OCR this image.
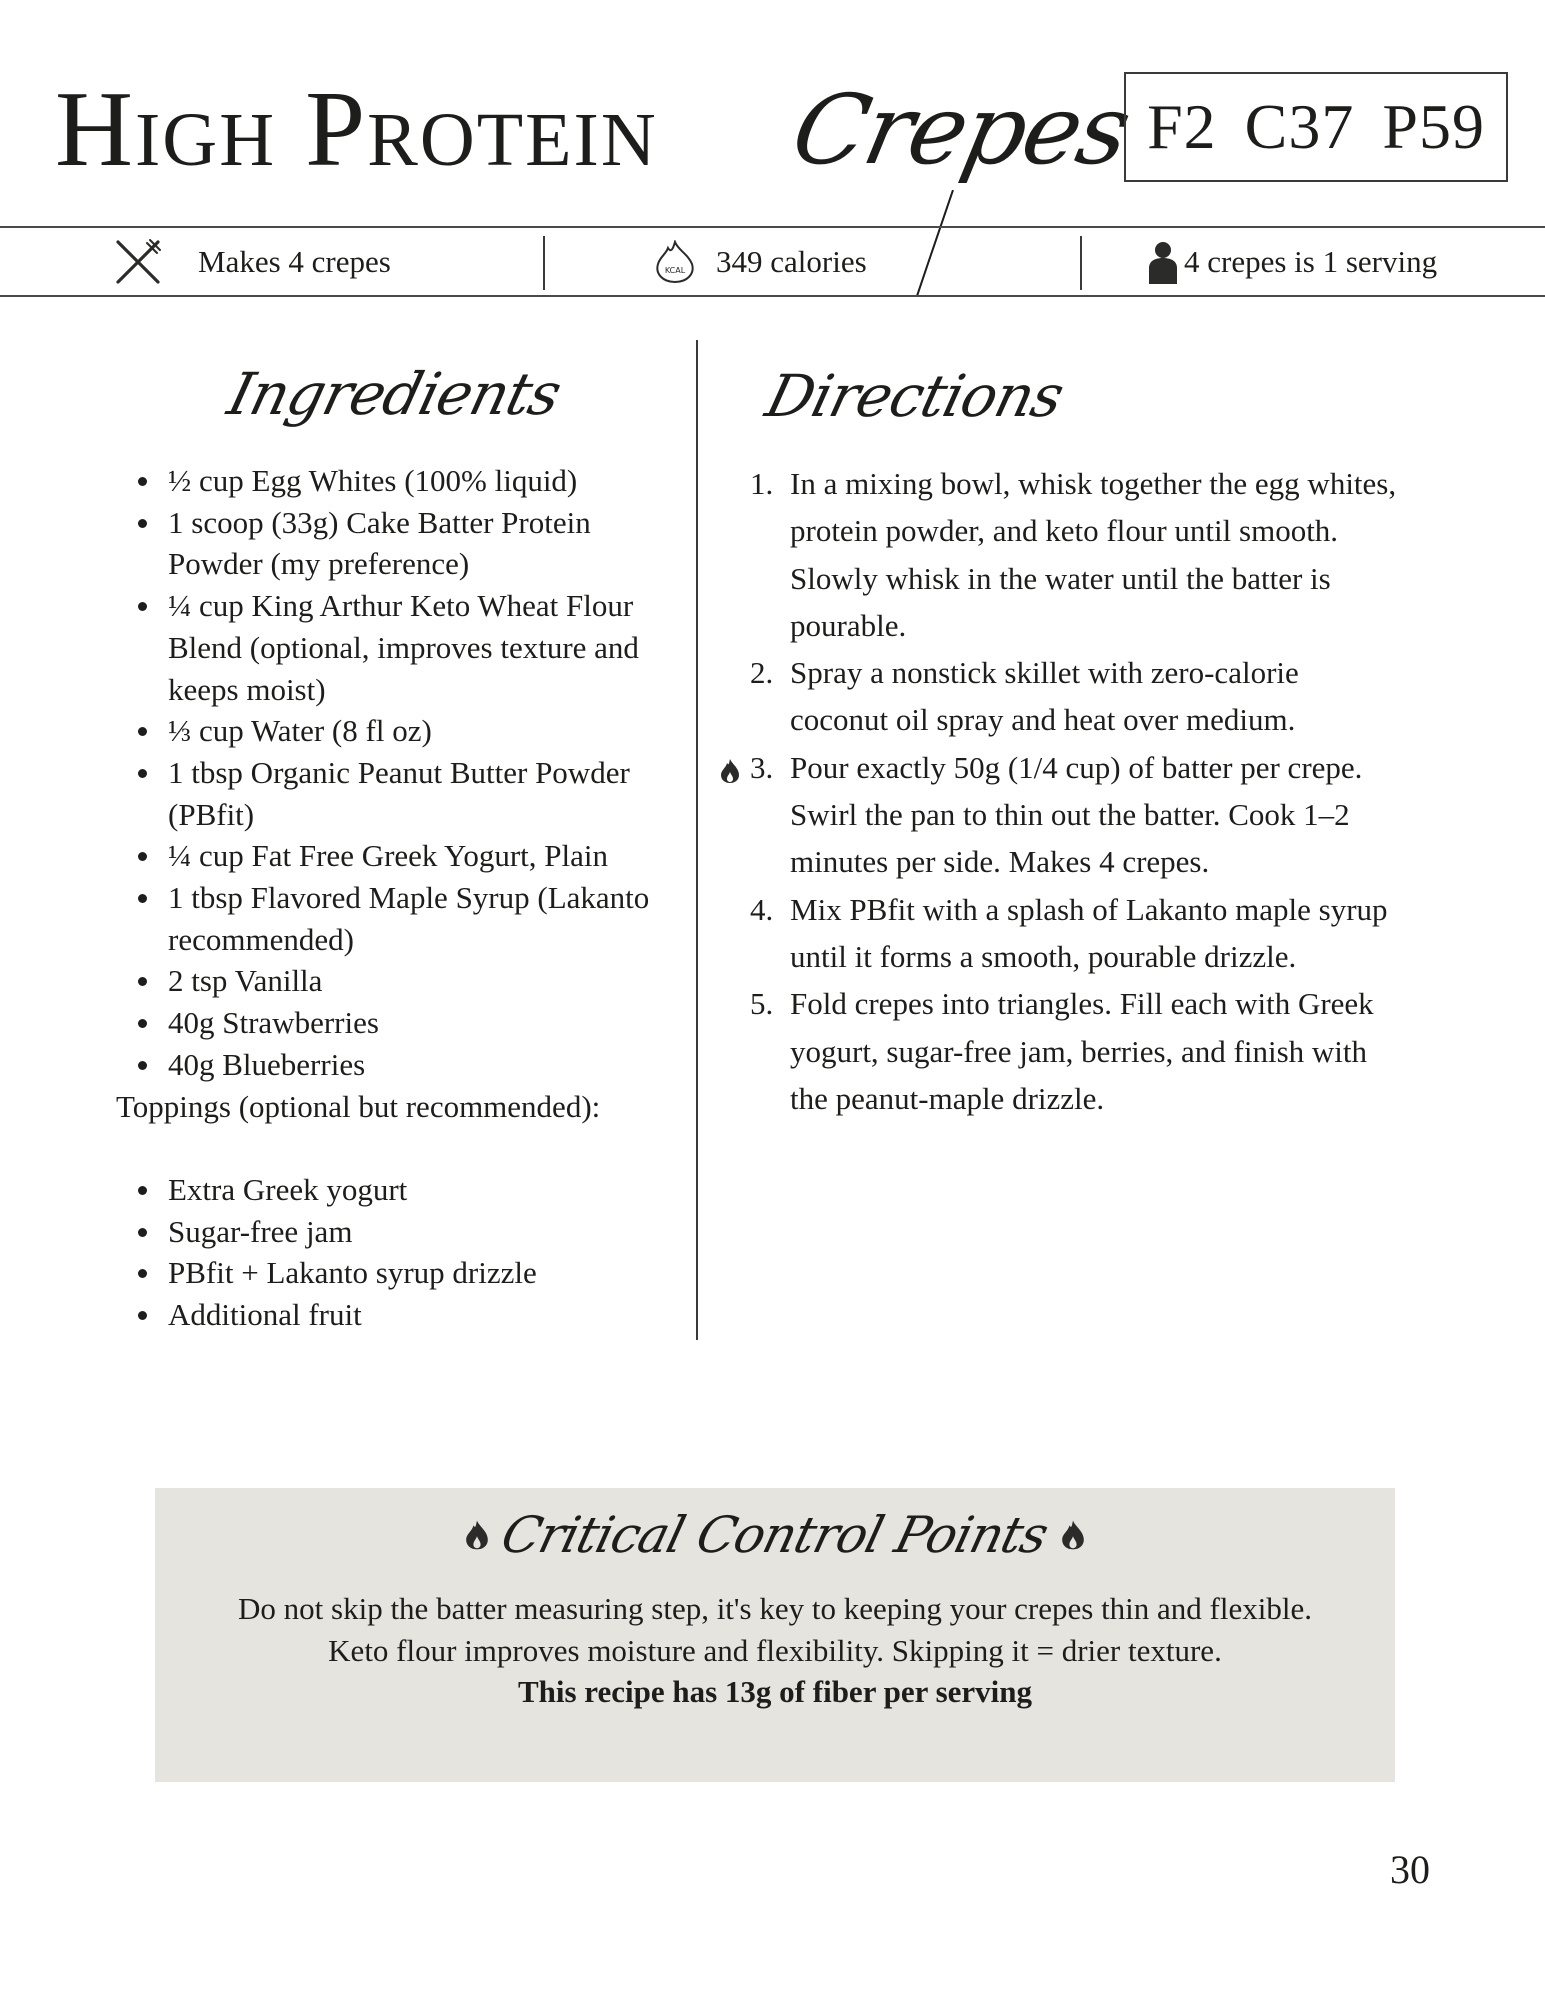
High Protein Crepes F2 C37 P59
Makes 4 crepes	KCAL 349 calories	4 crepes is 1 serving
Ingredients
½ cup Egg Whites (100% liquid)
1 scoop (33g) Cake Batter Protein Powder (my preference)
¼ cup King Arthur Keto Wheat Flour Blend (optional, improves texture and keeps moist)
⅓ cup Water (8 fl oz)
1 tbsp Organic Peanut Butter Powder (PBfit)
¼ cup Fat Free Greek Yogurt, Plain
1 tbsp Flavored Maple Syrup (Lakanto recommended)
2 tsp Vanilla
40g Strawberries
40g Blueberries

Toppings (optional but recommended):

Extra Greek yogurt
Sugar-free jam
PBfit + Lakanto syrup drizzle
Additional fruit
Directions
1. In a mixing bowl, whisk together the egg whites, protein powder, and keto flour until smooth. Slowly whisk in the water until the batter is pourable.
2. Spray a nonstick skillet with zero-calorie coconut oil spray and heat over medium.
3. Pour exactly 50g (1/4 cup) of batter per crepe. Swirl the pan to thin out the batter. Cook 1–2 minutes per side. Makes 4 crepes.
4. Mix PBfit with a splash of Lakanto maple syrup until it forms a smooth, pourable drizzle.
5. Fold crepes into triangles. Fill each with Greek yogurt, sugar-free jam, berries, and finish with the peanut-maple drizzle.
Critical Control Points

Do not skip the batter measuring step, it's key to keeping your crepes thin and flexible.

Keto flour improves moisture and flexibility. Skipping it = drier texture.

This recipe has 13g of fiber per serving

30
